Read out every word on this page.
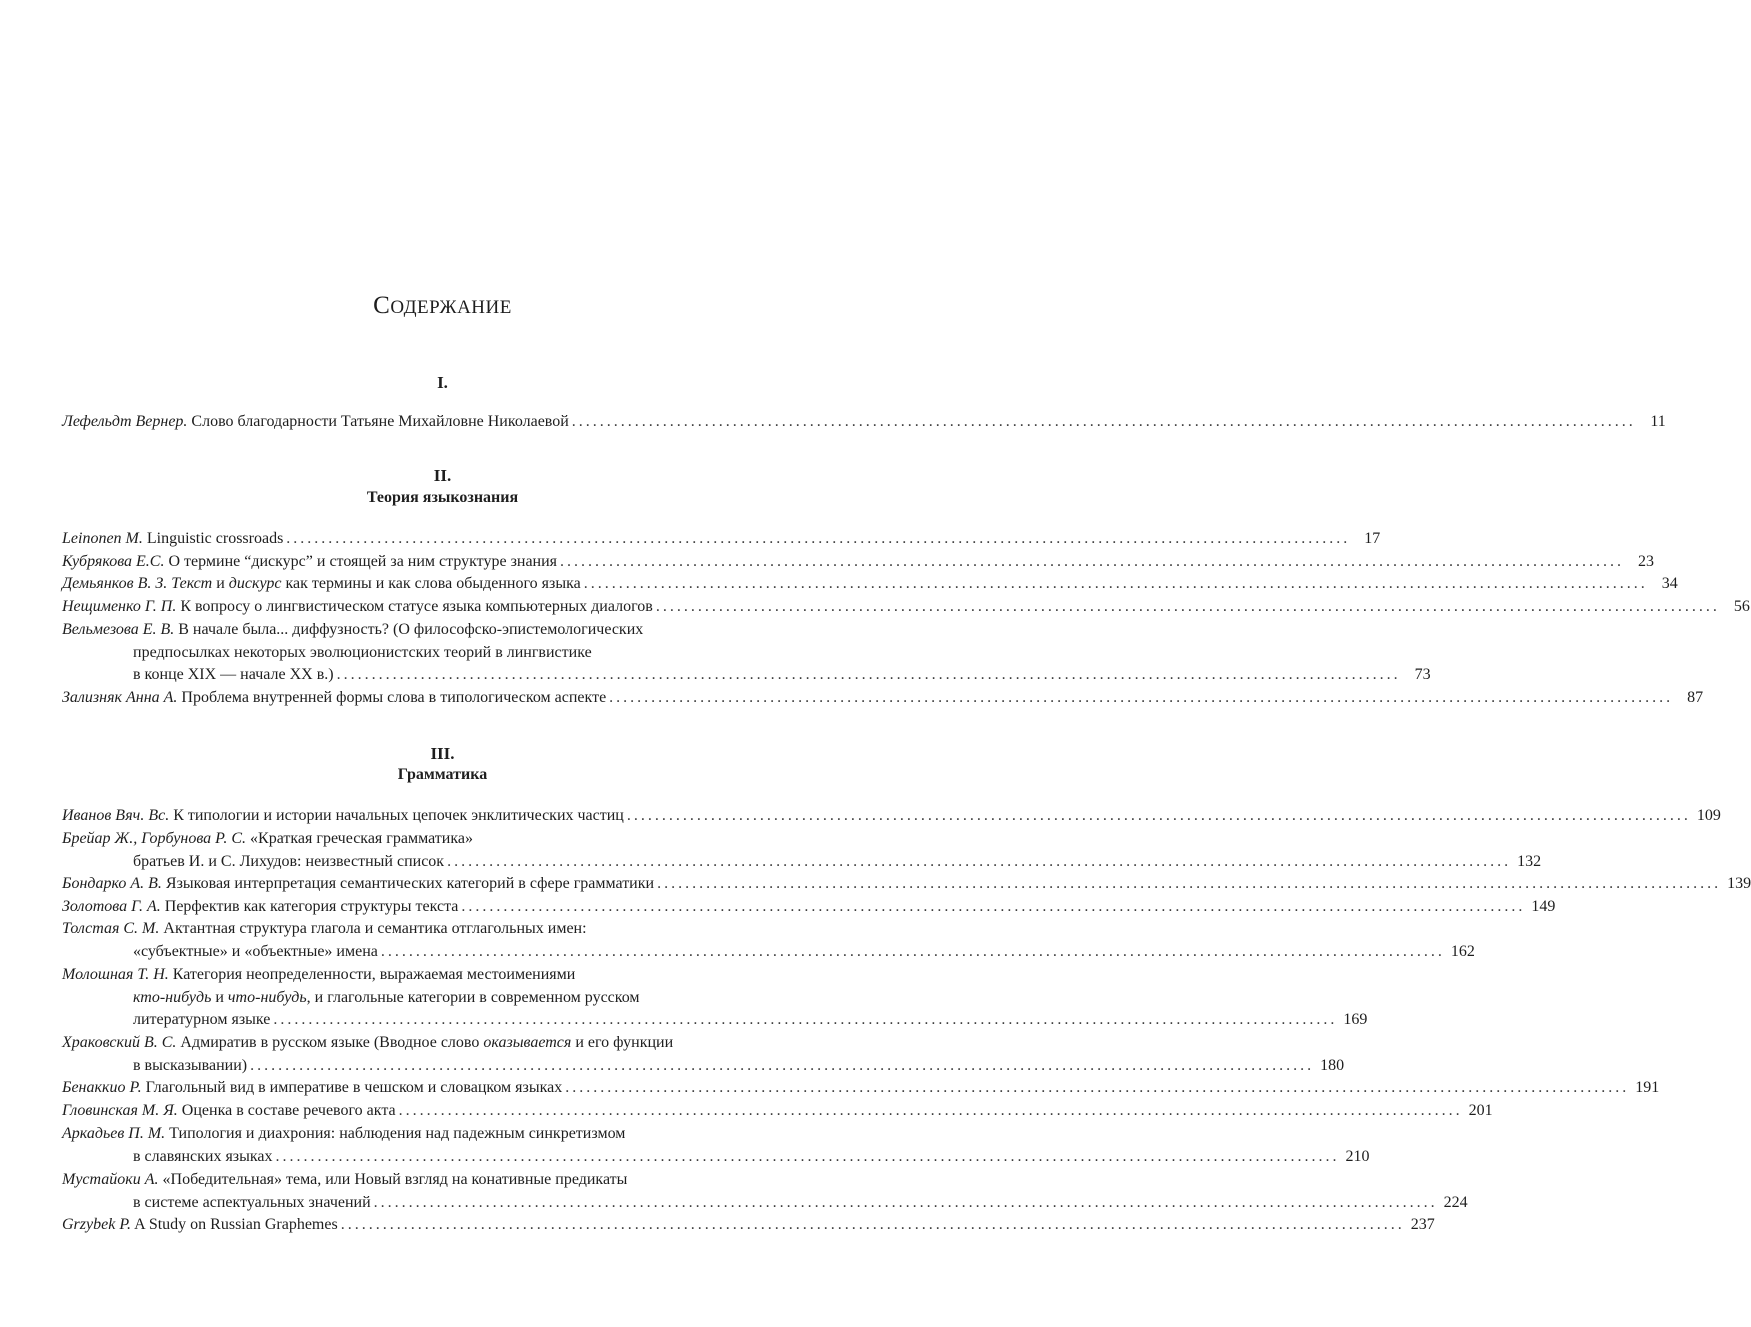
СОДЕРЖАНИЕ
I.
Лефельдт Вернер. Слово благодарности Татьяне Михайловне Николаевой ........................................................................................................................................................ 11
II.
Теория языкознания
Leinonen M. Linguistic crossroads ........................................................................................................................................................ 17
Кубрякова Е.С. О термине “дискурс” и стоящей за ним структуре знания ........................................................................................................................................................ 23
Демьянков В. З. Текст и дискурс как термины и как слова обыденного языка ........................................................................................................................................................ 34
Нещименко Г. П. К вопросу о лингвистическом статусе языка компьютерных диалогов ........................................................................................................................................................ 56
Вельмезова Е. В. В начале была... диффузность? (О философско-эпистемологических
предпосылках некоторых эволюционистских теорий в лингвистике
в конце XIX — начале XX в.) ........................................................................................................................................................ 73
Зализняк Анна А. Проблема внутренней формы слова в типологическом аспекте ........................................................................................................................................................ 87
III.
Грамматика
Иванов Вяч. Вс. К типологии и истории начальных цепочек энклитических частиц ........................................................................................................................................................ 109
Брейар Ж., Горбунова Р. С. «Краткая греческая грамматика»
братьев И. и С. Лихудов: неизвестный список ........................................................................................................................................................ 132
Бондарко А. В. Языковая интерпретация семантических категорий в сфере грамматики ........................................................................................................................................................ 139
Золотова Г. А. Перфектив как категория структуры текста ........................................................................................................................................................ 149
Толстая С. М. Актантная структура глагола и семантика отглагольных имен:
«субъектные» и «объектные» имена ........................................................................................................................................................ 162
Молошная Т. Н. Категория неопределенности, выражаемая местоимениями
кто-нибудь и что-нибудь, и глагольные категории в современном русском
литературном языке ........................................................................................................................................................ 169
Храковский В. С. Адмиратив в русском языке (Вводное слово оказывается и его функции
в высказывании) ........................................................................................................................................................ 180
Бенаккио Р. Глагольный вид в императиве в чешском и словацком языках ........................................................................................................................................................ 191
Гловинская М. Я. Оценка в составе речевого акта ........................................................................................................................................................ 201
Аркадьев П. М. Типология и диахрония: наблюдения над падежным синкретизмом
в славянских языках ........................................................................................................................................................ 210
Мустайоки А. «Победительная» тема, или Новый взгляд на конативные предикаты
в системе аспектуальных значений ........................................................................................................................................................ 224
Grzybek P. A Study on Russian Graphemes ........................................................................................................................................................ 237
